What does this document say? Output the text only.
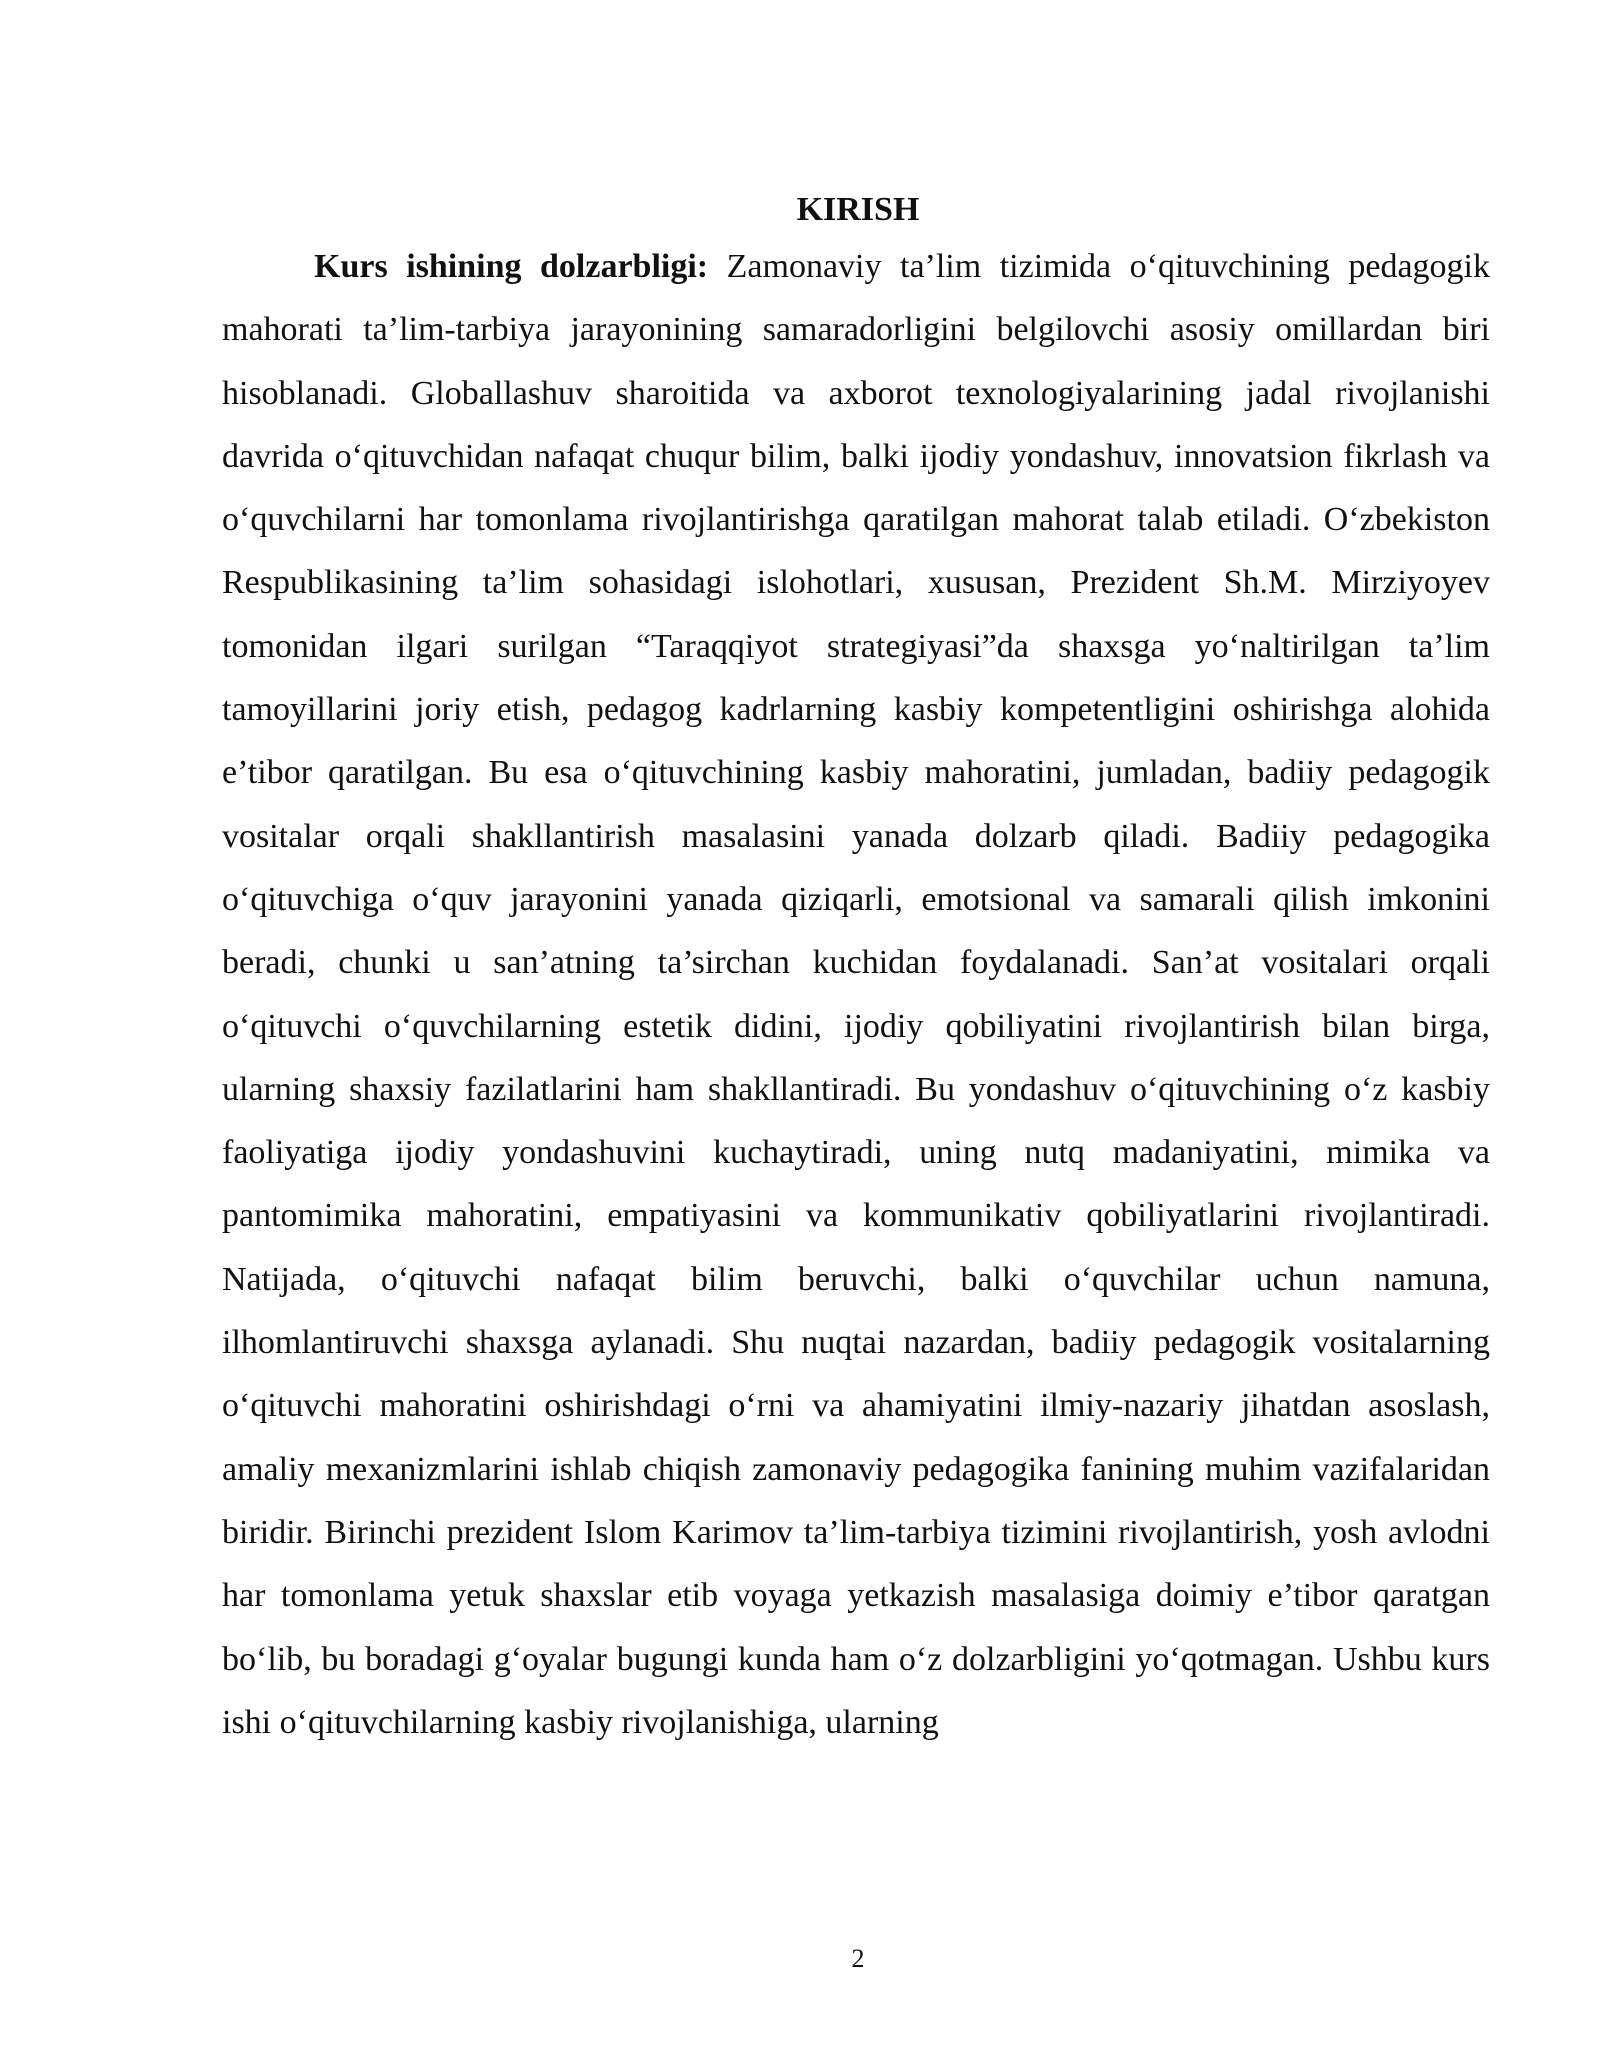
KIRISH

Kurs ishining dolzarbligi: Zamonaviy ta’lim tizimida o‘qituvchining pedagogik mahorati ta’lim-tarbiya jarayonining samaradorligini belgilovchi asosiy omillardan biri hisoblanadi. Globallashuv sharoitida va axborot texnologiyalarining jadal rivojlanishi davrida o‘qituvchidan nafaqat chuqur bilim, balki ijodiy yondashuv, innovatsion fikrlash va o‘quvchilarni har tomonlama rivojlantirishga qaratilgan mahorat talab etiladi. O‘zbekiston Respublikasining ta’lim sohasidagi islohotlari, xususan, Prezident Sh.M. Mirziyoyev tomonidan ilgari surilgan “Taraqqiyot strategiyasi”da shaxsga yo‘naltirilgan ta’lim tamoyillarini joriy etish, pedagog kadrlarning kasbiy kompetentligini oshirishga alohida e’tibor qaratilgan. Bu esa o‘qituvchining kasbiy mahoratini, jumladan, badiiy pedagogik vositalar orqali shakllantirish masalasini yanada dolzarb qiladi. Badiiy pedagogika o‘qituvchiga o‘quv jarayonini yanada qiziqarli, emotsional va samarali qilish imkonini beradi, chunki u san’atning ta’sirchan kuchidan foydalanadi. San’at vositalari orqali o‘qituvchi o‘quvchilarning estetik didini, ijodiy qobiliyatini rivojlantirish bilan birga, ularning shaxsiy fazilatlarini ham shakllantiradi. Bu yondashuv o‘qituvchining o‘z kasbiy faoliyatiga ijodiy yondashuvini kuchaytiradi, uning nutq madaniyatini, mimika va pantomimika mahoratini, empatiyasini va kommunikativ qobiliyatlarini rivojlantiradi. Natijada, o‘qituvchi nafaqat bilim beruvchi, balki o‘quvchilar uchun namuna, ilhomlantiruvchi shaxsga aylanadi. Shu nuqtai nazardan, badiiy pedagogik vositalarning o‘qituvchi mahoratini oshirishdagi o‘rni va ahamiyatini ilmiy-nazariy jihatdan asoslash, amaliy mexanizmlarini ishlab chiqish zamonaviy pedagogika fanining muhim vazifalaridan biridir. Birinchi prezident Islom Karimov ta’lim-tarbiya tizimini rivojlantirish, yosh avlodni har tomonlama yetuk shaxslar etib voyaga yetkazish masalasiga doimiy e’tibor qaratgan bo‘lib, bu boradagi g‘oyalar bugungi kunda ham o‘z dolzarbligini yo‘qotmagan. Ushbu kurs ishi o‘qituvchilarning kasbiy rivojlanishiga, ularning

2
